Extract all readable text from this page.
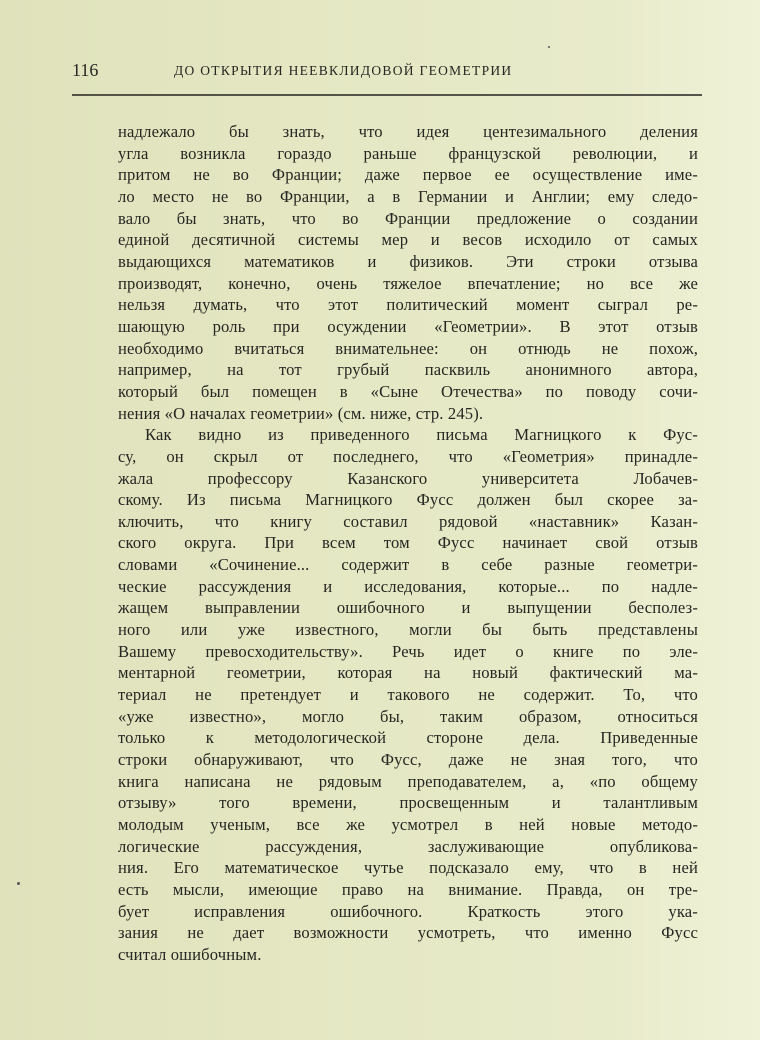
116	ДО ОТКРЫТИЯ НЕЕВКЛИДОВОЙ ГЕОМЕТРИИ
надлежало бы знать, что идея центезимального деления
угла возникла гораздо раньше французской революции, и
притом не во Франции; даже первое ее осуществление име-
ло место не во Франции, а в Германии и Англии; ему следо-
вало бы знать, что во Франции предложение о создании
единой десятичной системы мер и весов исходило от самых
выдающихся математиков и физиков. Эти строки отзыва
производят, конечно, очень тяжелое впечатление; но все же
нельзя думать, что этот политический момент сыграл ре-
шающую роль при осуждении «Геометрии». В этот отзыв
необходимо вчитаться внимательнее: он отнюдь не похож,
например, на тот грубый пасквиль анонимного автора,
который был помещен в «Сыне Отечества» по поводу сочи-
нения «О началах геометрии» (см. ниже, стр. 245).
Как видно из приведенного письма Магницкого к Фус-
су, он скрыл от последнего, что «Геометрия» принадле-
жала профессору Казанского университета Лобачев-
скому. Из письма Магницкого Фусс должен был скорее за-
ключить, что книгу составил рядовой «наставник» Казан-
ского округа. При всем том Фусс начинает свой отзыв
словами «Сочинение... содержит в себе разные геометри-
ческие рассуждения и исследования, которые... по надле-
жащем выправлении ошибочного и выпущении бесполез-
ного или уже известного, могли бы быть представлены
Вашему превосходительству». Речь идет о книге по эле-
ментарной геометрии, которая на новый фактический ма-
териал не претендует и такового не содержит. То, что
«уже известно», могло бы, таким образом, относиться
только к методологической стороне дела. Приведенные
строки обнаруживают, что Фусс, даже не зная того, что
книга написана не рядовым преподавателем, а, «по общему
отзыву» того времени, просвещенным и талантливым
молодым ученым, все же усмотрел в ней новые методо-
логические рассуждения, заслуживающие опубликова-
ния. Его математическое чутье подсказало ему, что в ней
есть мысли, имеющие право на внимание. Правда, он тре-
бует исправления ошибочного. Краткость этого ука-
зания не дает возможности усмотреть, что именно Фусс
считал ошибочным.
